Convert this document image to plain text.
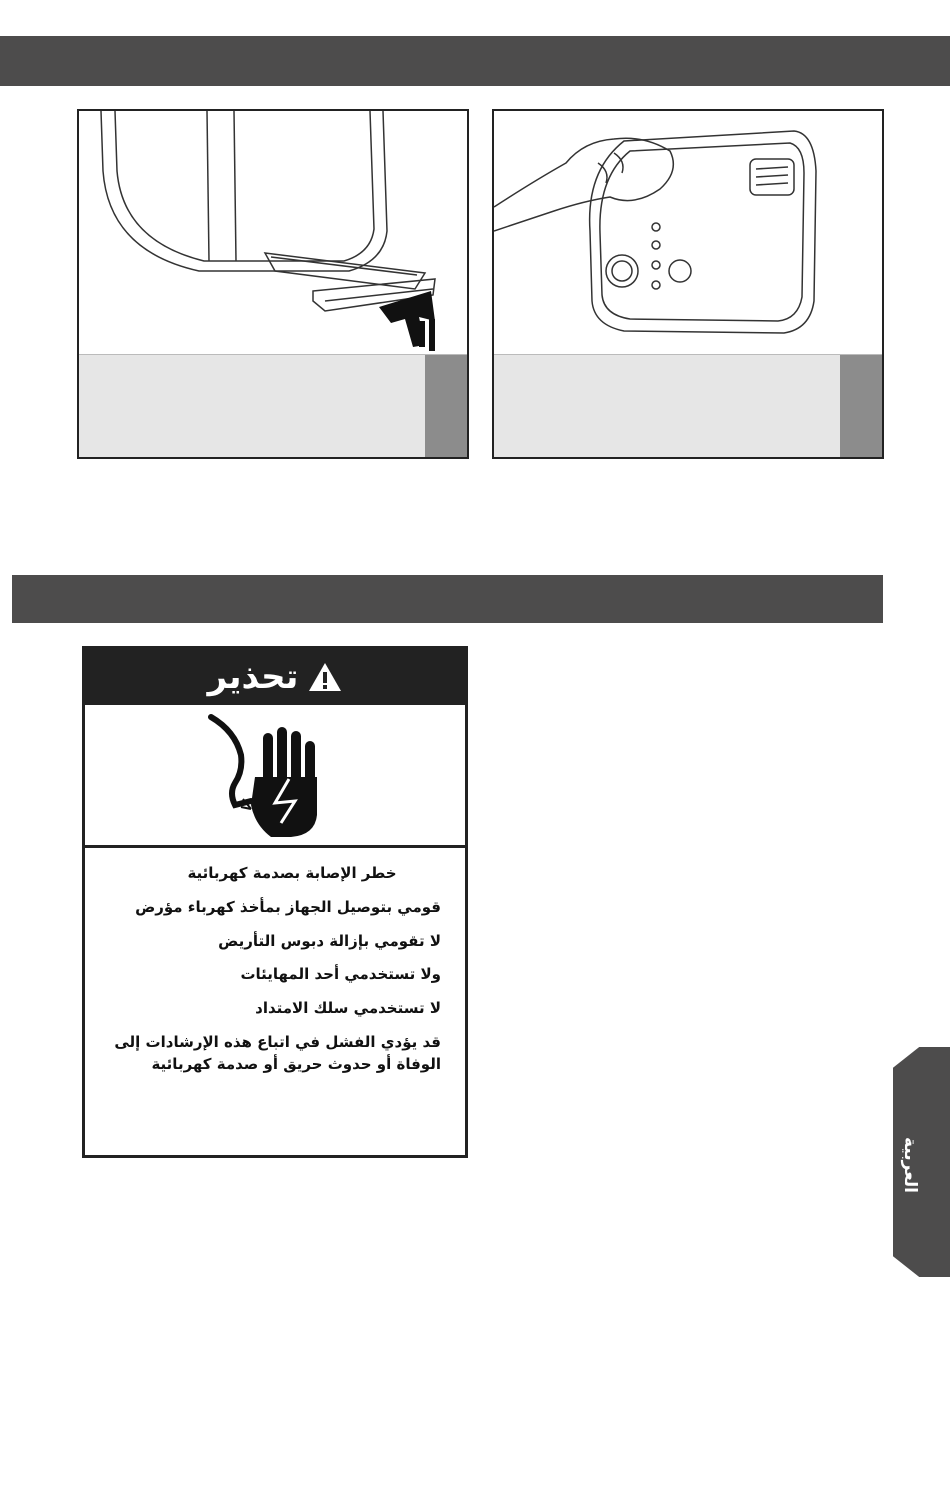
تحذير
خطر الإصابة بصدمة كهربائية
قومي بتوصيل الجهاز بمأخذ كهرباء مؤرض
لا تقومي بإزالة دبوس التأريض
ولا تستخدمي أحد المهايئات
لا تستخدمي سلك الامتداد
قد يؤدي الفشل في اتباع هذه الإرشادات إلى الوفاة أو حدوث حريق أو صدمة كهربائية
العربية
